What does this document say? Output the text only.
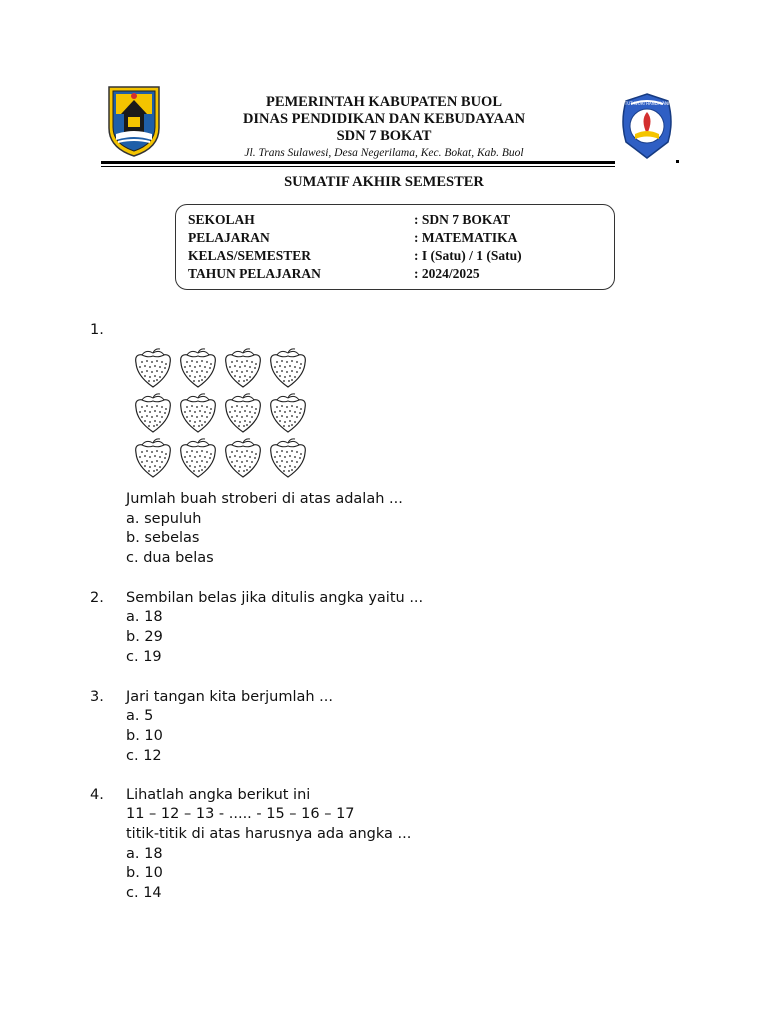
TUT WURI HANDAYANI
PEMERINTAH KABUPATEN BUOL
DINAS PENDIDIKAN DAN KEBUDAYAAN
SDN 7 BOKAT
Jl. Trans Sulawesi, Desa Negerilama, Kec. Bokat, Kab. Buol
SUMATIF AKHIR SEMESTER
SEKOLAH	: SDN 7 BOKAT
PELAJARAN	: MATEMATIKA
KELAS/SEMESTER	: I (Satu) / 1 (Satu)
TAHUN PELAJARAN	: 2024/2025
1.
Jumlah buah stroberi di atas adalah ...
a. sepuluh
b. sebelas
c. dua belas
2. Sembilan belas jika ditulis angka yaitu ...
a. 18
b. 29
c. 19
3. Jari tangan kita berjumlah ...
a. 5
b. 10
c. 12
4. Lihatlah angka berikut ini
11 – 12 – 13 - ..... - 15 – 16 – 17
titik-titik di atas harusnya ada angka ...
a. 18
b. 10
c. 14
